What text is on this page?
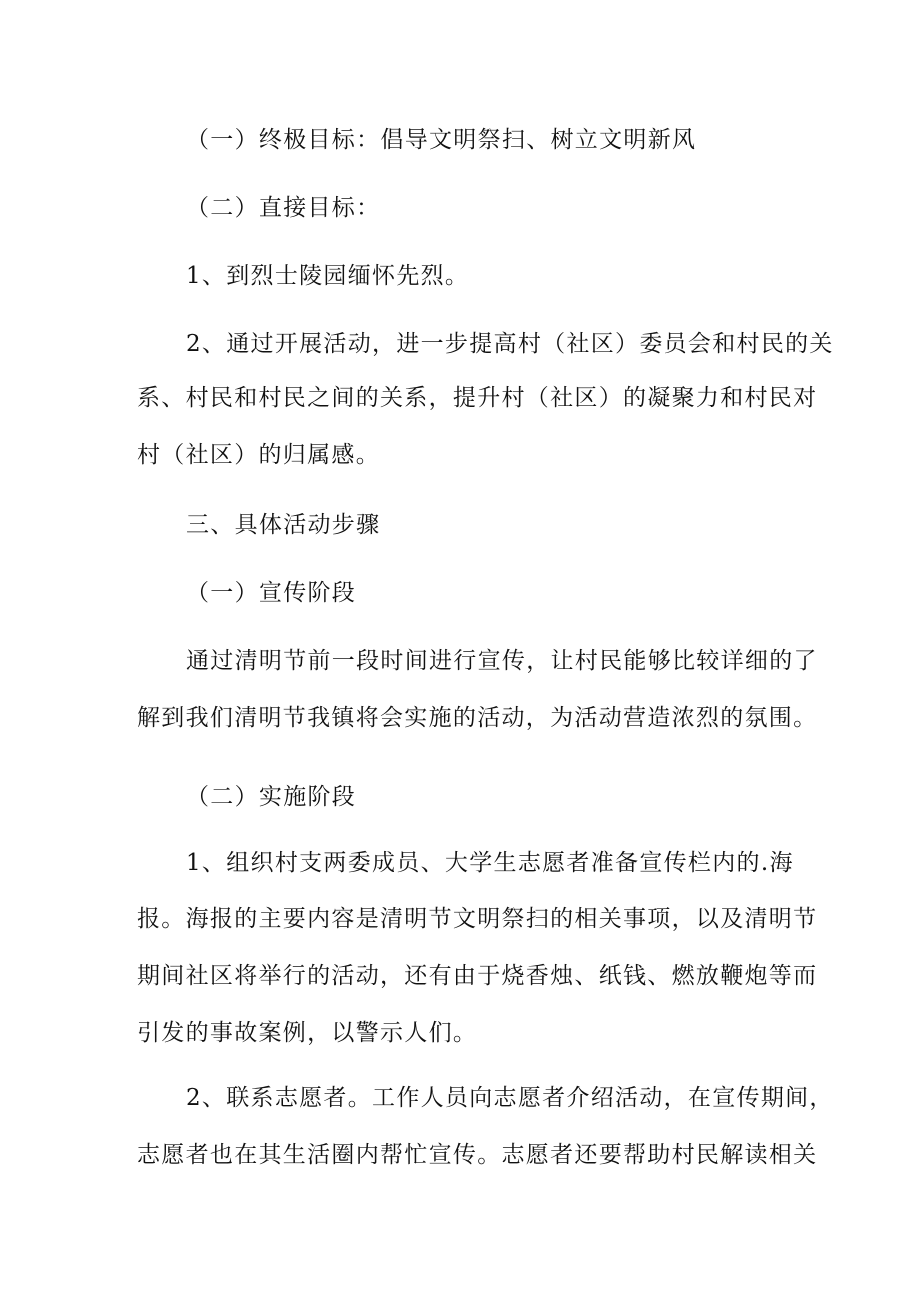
（一）终极目标：倡导文明祭扫、树立文明新风
（二）直接目标：
1、到烈士陵园缅怀先烈。
2、通过开展活动，进一步提高村（社区）委员会和村民的关
系、村民和村民之间的关系，提升村（社区）的凝聚力和村民对
村（社区）的归属感。
三、具体活动步骤
（一）宣传阶段
通过清明节前一段时间进行宣传，让村民能够比较详细的了
解到我们清明节我镇将会实施的活动，为活动营造浓烈的氛围。
（二）实施阶段
1、组织村支两委成员、大学生志愿者准备宣传栏内的.海
报。海报的主要内容是清明节文明祭扫的相关事项，以及清明节
期间社区将举行的活动，还有由于烧香烛、纸钱、燃放鞭炮等而
引发的事故案例，以警示人们。
2、联系志愿者。工作人员向志愿者介绍活动，在宣传期间，
志愿者也在其生活圈内帮忙宣传。志愿者还要帮助村民解读相关
